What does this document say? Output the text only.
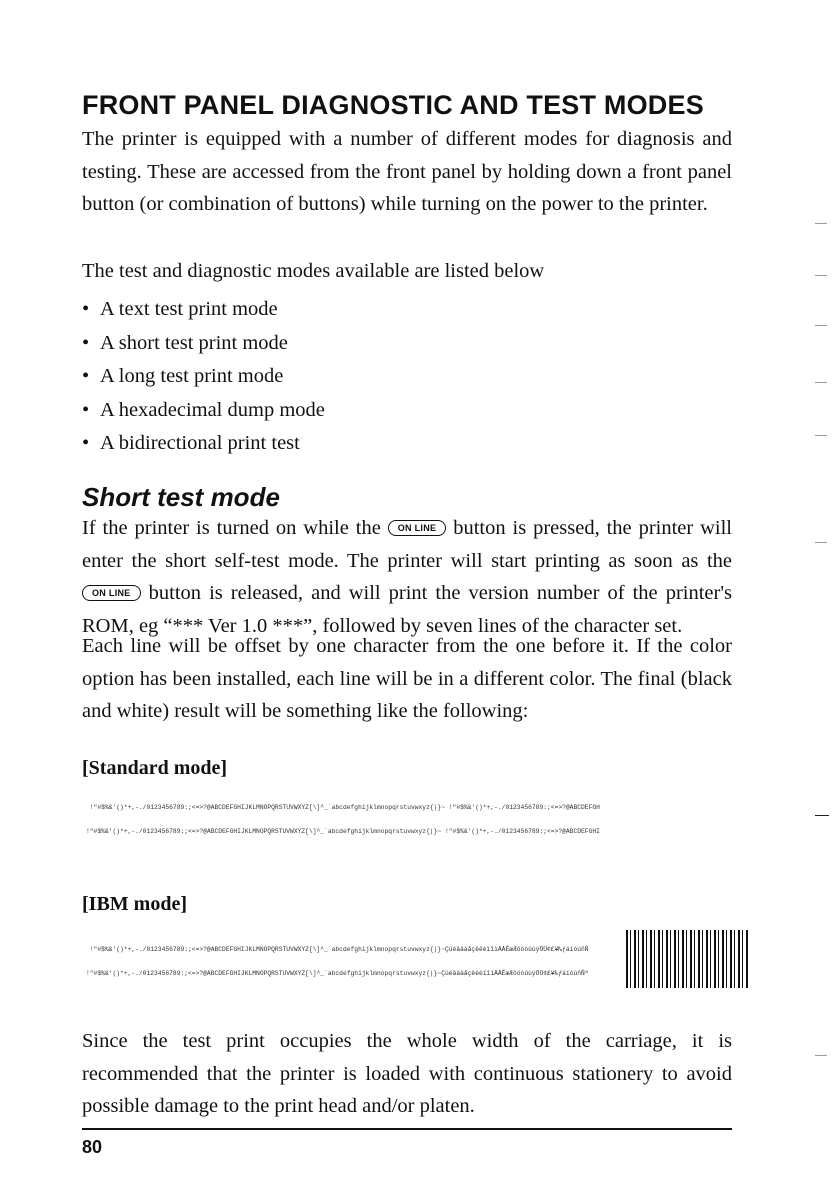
FRONT PANEL DIAGNOSTIC AND TEST MODES
The printer is equipped with a number of different modes for diagnosis and testing. These are accessed from the front panel by holding down a front panel button (or combination of buttons) while turning on the power to the printer.
The test and diagnostic modes available are listed below
• A text test print mode
• A short test print mode
• A long test print mode
• A hexadecimal dump mode
• A bidirectional print test
Short test mode
If the printer is turned on while the ON LINE button is pressed, the printer will enter the short self-test mode. The printer will start printing as soon as the ON LINE button is released, and will print the version number of the printer's ROM, eg “*** Ver 1.0 ***”, followed by seven lines of the character set.
Each line will be offset by one character from the one before it. If the color option has been installed, each line will be in a different color. The final (black and white) result will be something like the following:
[Standard mode]

!"#$%&'()*+,-./0123456789:;<=>?@ABCDEFGHIJKLMNOPQRSTUVWXYZ[\]^_`abcdefghijklmnopqrstuvwxyz{|}~ !"#$%&'()*+,-./0123456789:;<=>?@ABCDEFGH

!"#$%&'()*+,-./0123456789:;<=>?@ABCDEFGHIJKLMNOPQRSTUVWXYZ[\]^_`abcdefghijklmnopqrstuvwxyz{|}~ !"#$%&'()*+,-./0123456789:;<=>?@ABCDEFGHI

[IBM mode]

!"#$%&'()*+,-./0123456789:;<=>?@ABCDEFGHIJKLMNOPQRSTUVWXYZ[\]^_`abcdefghijklmnopqrstuvwxyz{|}~ÇüéâäàåçêëèïîìÄÅÉæÆôöòûùÿÖÜ¢£¥₧ƒáíóúñÑ

!"#$%&'()*+,-./0123456789:;<=>?@ABCDEFGHIJKLMNOPQRSTUVWXYZ[\]^_`abcdefghijklmnopqrstuvwxyz{|}~ÇüéâäàåçêëèïîìÄÅÉæÆôöòûùÿÖÜ¢£¥₧ƒáíóúñÑª

Since the test print occupies the whole width of the carriage, it is recommended that the printer is loaded with continuous stationery to avoid possible damage to the print head and/or platen.
80
